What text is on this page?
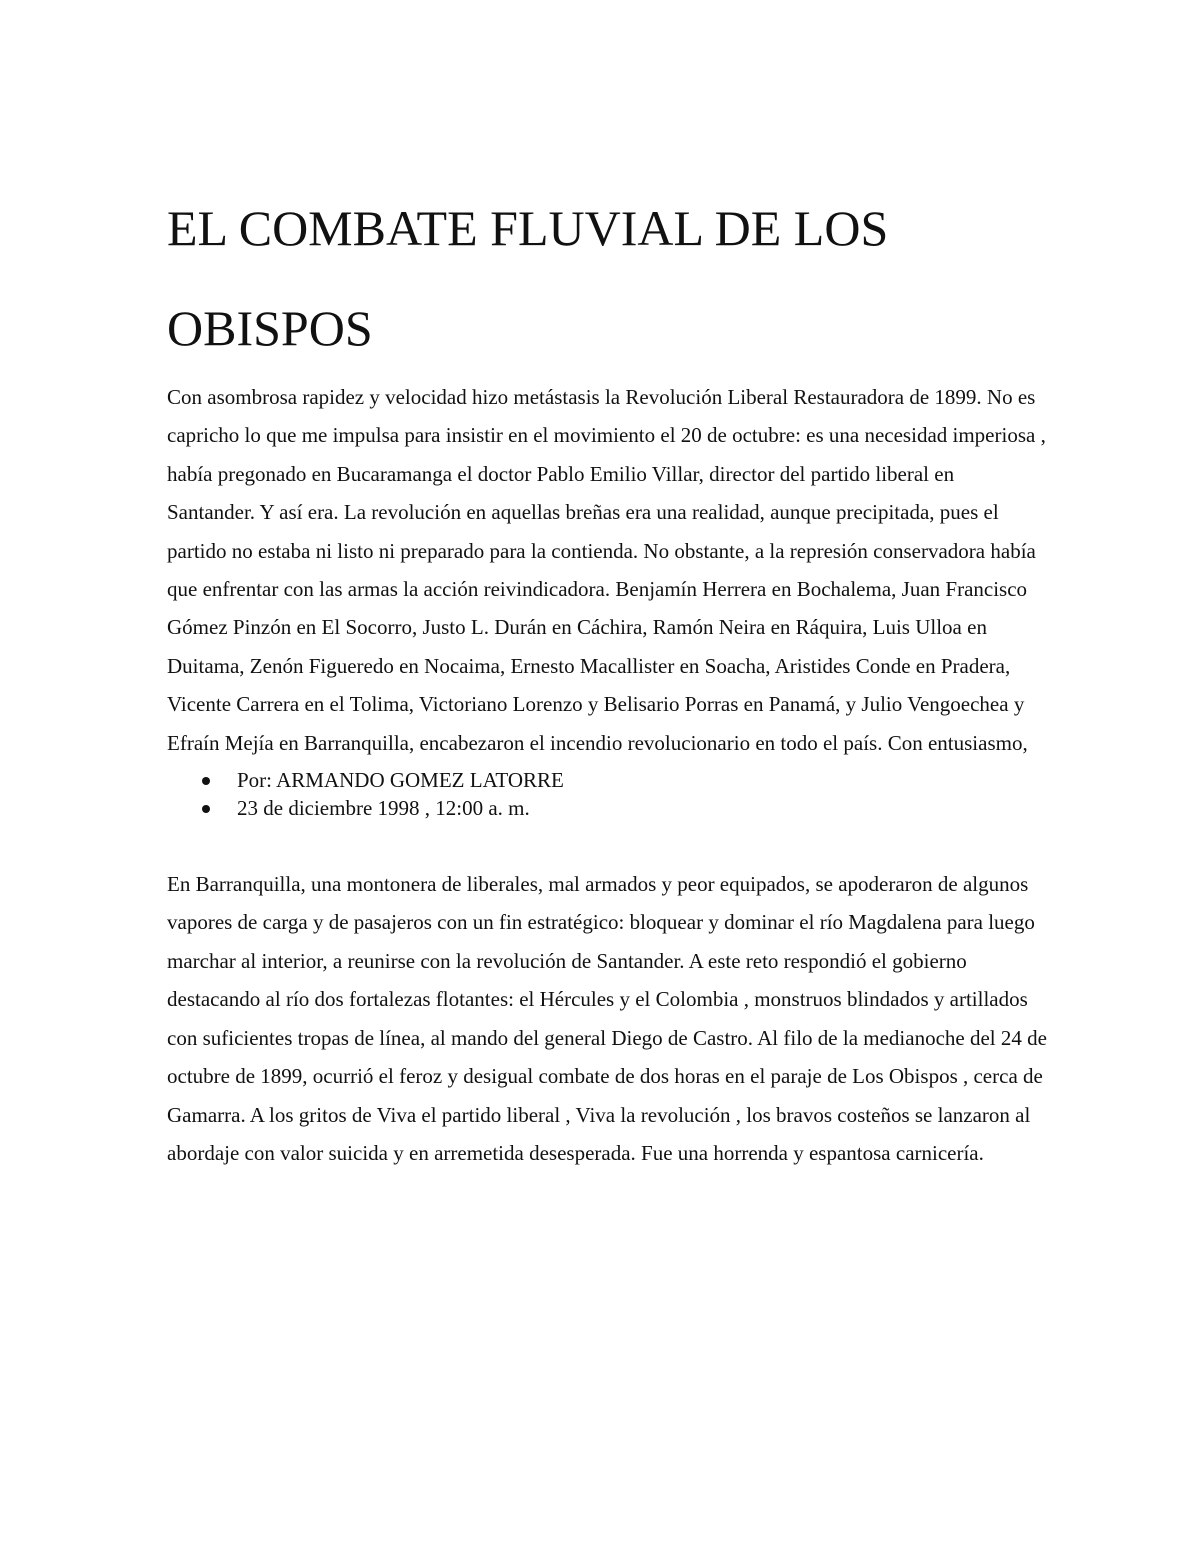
EL COMBATE FLUVIAL DE LOS OBISPOS

Con asombrosa rapidez y velocidad hizo metástasis la Revolución Liberal Restauradora de 1899. No es capricho lo que me impulsa para insistir en el movimiento el 20 de octubre: es una necesidad imperiosa , había pregonado en Bucaramanga el doctor Pablo Emilio Villar, director del partido liberal en Santander. Y así era. La revolución en aquellas breñas era una realidad, aunque precipitada, pues el partido no estaba ni listo ni preparado para la contienda. No obstante, a la represión conservadora había que enfrentar con las armas la acción reivindicadora. Benjamín Herrera en Bochalema, Juan Francisco Gómez Pinzón en El Socorro, Justo L. Durán en Cáchira, Ramón Neira en Ráquira, Luis Ulloa en Duitama, Zenón Figueredo en Nocaima, Ernesto Macallister en Soacha, Aristides Conde en Pradera, Vicente Carrera en el Tolima, Victoriano Lorenzo y Belisario Porras en Panamá, y Julio Vengoechea y Efraín Mejía en Barranquilla, encabezaron el incendio revolucionario en todo el país. Con entusiasmo,

Por: ARMANDO GOMEZ LATORRE
23 de diciembre 1998 , 12:00 a. m.

En Barranquilla, una montonera de liberales, mal armados y peor equipados, se apoderaron de algunos vapores de carga y de pasajeros con un fin estratégico: bloquear y dominar el río Magdalena para luego marchar al interior, a reunirse con la revolución de Santander. A este reto respondió el gobierno destacando al río dos fortalezas flotantes: el Hércules y el Colombia , monstruos blindados y artillados con suficientes tropas de línea, al mando del general Diego de Castro. Al filo de la medianoche del 24 de octubre de 1899, ocurrió el feroz y desigual combate de dos horas en el paraje de Los Obispos , cerca de Gamarra. A los gritos de Viva el partido liberal , Viva la revolución , los bravos costeños se lanzaron al abordaje con valor suicida y en arremetida desesperada. Fue una horrenda y espantosa carnicería.
